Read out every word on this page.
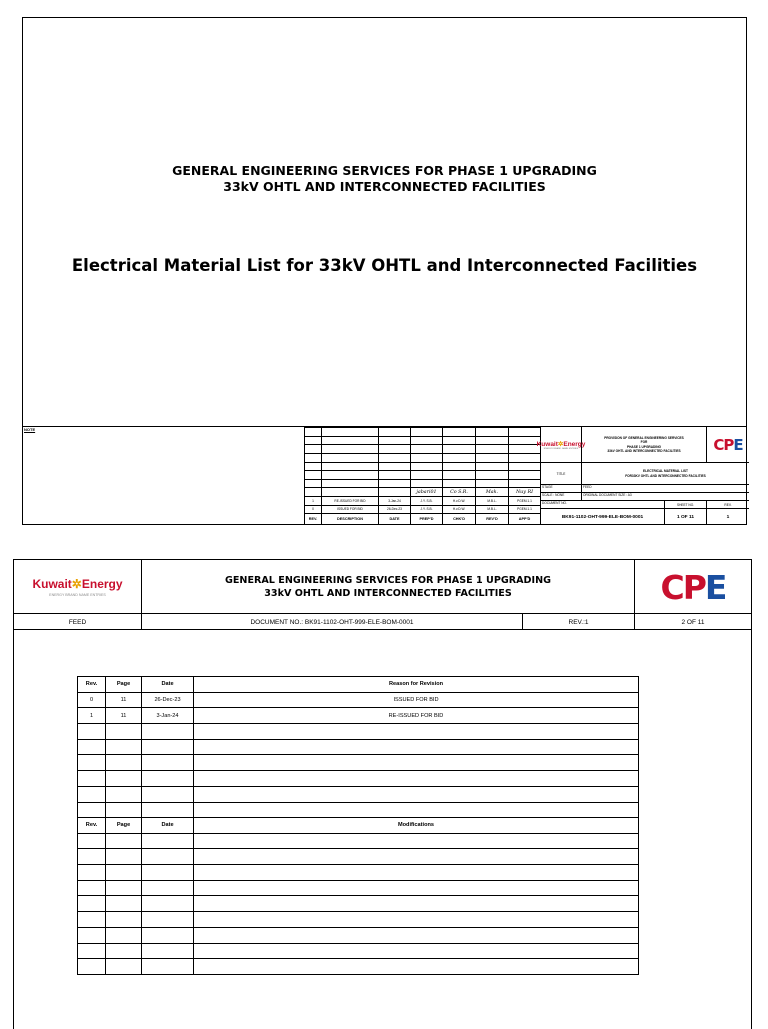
GENERAL ENGINEERING SERVICES FOR PHASE 1 UPGRADING
33kV OHTL AND INTERCONNECTED FACILITIES
Electrical Material List for 33kV OHTL and Interconnected Facilities
NOTE

			jabari01	Co S.R.	Mak.	Nuy RI
1	RE-ISSUED FOR BID	3-Jan-24	J.Y. S.B.	H.v.D.W.	M.B.L.	PGEM.1.1
0	ISSUED FOR BID	26-Dec-23	J.Y. S.B.	H.v.D.W.	M.B.L.	PGEM.1.1
REV.	DESCRIPTION	DATE	PREP'D	CHK'D	REV'D	APP'D
Kuwait✲Energy
ENERGY BRAND NAME ENTRIES
PROVISION OF GENERAL ENGINEERING SERVICES
FOR
PHASE 1 UPGRADING
33kV OHTL AND INTERCONNECTED FACILITIES CPE
TITLE
ELECTRICAL MATERIAL LIST
FOR33KV OHTL AND INTERCONNECTED FACILITIES
STAGE	FEED
SCALE : NONE	ORIGINAL DOCUMENT SIZE : A3
DOCUMENT NO.	SHEET NO.	REV.
BK91-1102-OHT-999-ELE-BOM-0001	1 OF 11	1
Kuwait✲Energy
ENERGY BRAND NAME ENTRIES
GENERAL ENGINEERING SERVICES FOR PHASE 1 UPGRADING
33kV OHTL AND INTERCONNECTED FACILITIES	CPE
FEED	DOCUMENT NO.: BK91-1102-OHT-999-ELE-BOM-0001	REV.:1	2 OF 11
Rev.	Page	Date	Reason for Revision
0	11	26-Dec-23	ISSUED FOR BID
1	11	3-Jan-24	RE-ISSUED FOR BID

Rev.	Page	Date	Modifications
